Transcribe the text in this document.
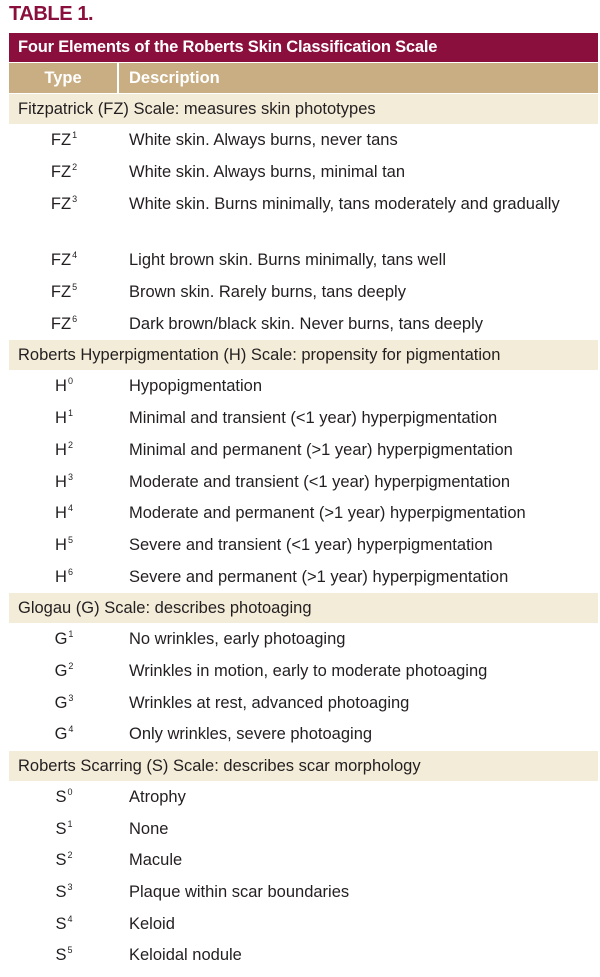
TABLE 1.
Four Elements of the Roberts Skin Classification Scale
Type	Description
Fitzpatrick (FZ) Scale: measures skin phototypes
$FZ^1$	White skin. Always burns, never tans
$FZ^2$	White skin. Always burns, minimal tan
$FZ^3$	White skin. Burns minimally, tans moderately and gradually
$FZ^4$	Light brown skin. Burns minimally, tans well
$FZ^5$	Brown skin. Rarely burns, tans deeply
$FZ^6$	Dark brown/black skin. Never burns, tans deeply
Roberts Hyperpigmentation (H) Scale: propensity for pigmentation
$H^0$	Hypopigmentation
$H^1$	Minimal and transient (<1 year) hyperpigmentation
$H^2$	Minimal and permanent (>1 year) hyperpigmentation
$H^3$	Moderate and transient (<1 year) hyperpigmentation
$H^4$	Moderate and permanent (>1 year) hyperpigmentation
$H^5$	Severe and transient (<1 year) hyperpigmentation
$H^6$	Severe and permanent (>1 year) hyperpigmentation
Glogau (G) Scale: describes photoaging
$G^1$	No wrinkles, early photoaging
$G^2$	Wrinkles in motion, early to moderate photoaging
$G^3$	Wrinkles at rest, advanced photoaging
$G^4$	Only wrinkles, severe photoaging
Roberts Scarring (S) Scale: describes scar morphology
$S^0$	Atrophy
$S^1$	None
$S^2$	Macule
$S^3$	Plaque within scar boundaries
$S^4$	Keloid
$S^5$	Keloidal nodule
